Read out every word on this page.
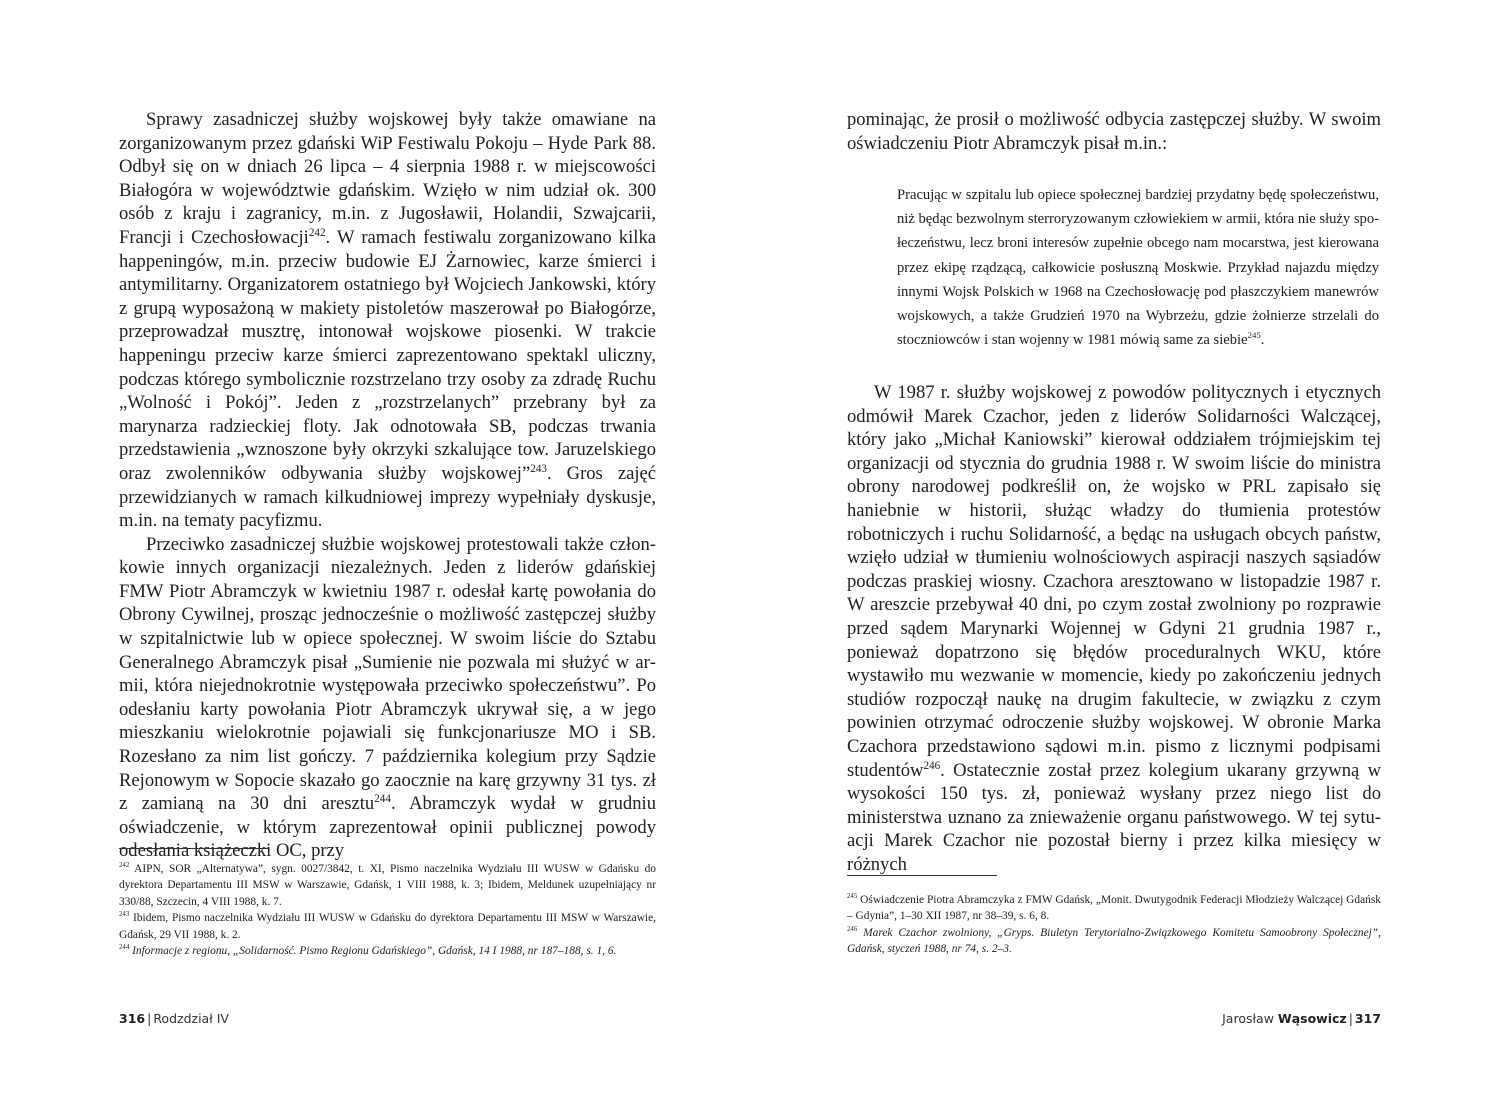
Sprawy zasadniczej służby wojskowej były także omawiane na zorganizowanym przez gdański WiP Festiwalu Pokoju – Hyde Park 88. Odbył się on w dniach 26 lipca – 4 sierpnia 1988 r. w miejscowości Białogóra w województwie gdańskim. Wzięło w nim udział ok. 300 osób z kraju i zagranicy, m.in. z Jugosławii, Holandii, Szwajcarii, Francji i Czechosłowacji$^{242}$. W ramach festiwalu zorganizowano kilka happeningów, m.in. przeciw budowie EJ Żarnowiec, karze śmierci i antymilitarny. Organizatorem ostatniego był Wojciech Jankowski, który z grupą wyposażoną w makiety pistoletów maszerował po Białogórze, przeprowadzał musztrę, intonował wojskowe piosenki. W trakcie happeningu przeciw karze śmierci zaprezentowano spektakl uliczny, podczas którego symbolicznie rozstrzelano trzy osoby za zdradę Ruchu „Wolność i Pokój”. Jeden z „rozstrzelanych” przebrany był za marynarza radzieckiej floty. Jak odnotowała SB, podczas trwania przedstawienia „wznoszone były okrzyki szkalujące tow. Jaruzelskiego oraz zwolenników odbywania służby wojskowej”$^{243}$. Gros zajęć przewidzianych w ramach kilkudniowej imprezy wypełniały dyskusje, m.in. na tematy pacyfizmu.

Przeciwko zasadniczej służbie wojskowej protestowali także członkowie innych organizacji niezależnych. Jeden z liderów gdańskiej FMW Piotr Abramczyk w kwietniu 1987 r. odesłał kartę powołania do Obrony Cywilnej, prosząc jednocześnie o możliwość zastępczej służby w szpitalnictwie lub w opiece społecznej. W swoim liście do Sztabu Generalnego Abramczyk pisał „Sumienie nie pozwala mi służyć w armii, która niejednokrotnie występowała przeciwko społeczeństwu”. Po odesłaniu karty powołania Piotr Abramczyk ukrywał się, a w jego mieszkaniu wielokrotnie pojawiali się funkcjonariusze MO i SB. Rozesłano za nim list gończy. 7 października kolegium przy Sądzie Rejonowym w Sopocie skazało go zaocznie na karę grzywny 31 tys. zł z zamianą na 30 dni aresztu$^{244}$. Abramczyk wydał w grudniu oświadczenie, w którym zaprezentował opinii publicznej powody odesłania książeczki OC, przy

$^{242}$ AIPN, SOR „Alternatywa”, sygn. 0027/3842, t. XI, Pismo naczelnika Wydziału III WUSW w Gdańsku do dyrektora Departamentu III MSW w Warszawie, Gdańsk, 1 VIII 1988, k. 3; Ibidem, Meldunek uzupełniający nr 330/88, Szczecin, 4 VIII 1988, k. 7.

$^{243}$ Ibidem, Pismo naczelnika Wydziału III WUSW w Gdańsku do dyrektora Departamentu III MSW w Warszawie, Gdańsk, 29 VII 1988, k. 2.

$^{244}$ Informacje z regionu, „Solidarność. Pismo Regionu Gdańskiego”, Gdańsk, 14 I 1988, nr 187–188, s. 1, 6.

316 | Rodzdział IV

pominając, że prosił o możliwość odbycia zastępczej służby. W swoim oświadczeniu Piotr Abramczyk pisał m.in.:

Pracując w szpitalu lub opiece społecznej bardziej przydatny będę społeczeństwu, niż będąc bezwolnym sterroryzowanym człowiekiem w armii, która nie służy społeczeństwu, lecz broni interesów zupełnie obcego nam mocarstwa, jest kierowana przez ekipę rządzącą, całkowicie posłuszną Moskwie. Przykład najazdu między innymi Wojsk Polskich w 1968 na Czechosłowację pod płaszczykiem manewrów wojskowych, a także Grudzień 1970 na Wybrzeżu, gdzie żołnierze strzelali do stoczniowców i stan wojenny w 1981 mówią same za siebie$^{245}$.

W 1987 r. służby wojskowej z powodów politycznych i etycznych odmówił Marek Czachor, jeden z liderów Solidarności Walczącej, który jako „Michał Kaniowski” kierował oddziałem trójmiejskim tej organizacji od stycznia do grudnia 1988 r. W swoim liście do ministra obrony narodowej podkreślił on, że wojsko w PRL zapisało się haniebnie w historii, służąc władzy do tłumienia protestów robotniczych i ruchu Solidarność, a będąc na usługach obcych państw, wzięło udział w tłumieniu wolnościowych aspiracji naszych sąsiadów podczas praskiej wiosny. Czachora aresztowano w listopadzie 1987 r. W areszcie przebywał 40 dni, po czym został zwolniony po rozprawie przed sądem Marynarki Wojennej w Gdyni 21 grudnia 1987 r., ponieważ dopatrzono się błędów proceduralnych WKU, które wystawiło mu wezwanie w momencie, kiedy po zakończeniu jednych studiów rozpoczął naukę na drugim fakultecie, w związku z czym powinien otrzymać odroczenie służby wojskowej. W obronie Marka Czachora przedstawiono sądowi m.in. pismo z licznymi podpisami studentów$^{246}$. Ostatecznie został przez kolegium ukarany grzywną w wysokości 150 tys. zł, ponieważ wysłany przez niego list do ministerstwa uznano za znieważenie organu państwowego. W tej sytuacji Marek Czachor nie pozostał bierny i przez kilka miesięcy w różnych

$^{245}$ Oświadczenie Piotra Abramczyka z FMW Gdańsk, „Monit. Dwutygodnik Federacji Młodzieży Walczącej Gdańsk – Gdynia”, 1–30 XII 1987, nr 38–39, s. 6, 8.

$^{246}$ Marek Czachor zwolniony, „Gryps. Biuletyn Terytorialno-Związkowego Komitetu Samoobrony Społecznej”, Gdańsk, styczeń 1988, nr 74, s. 2–3.

Jarosław Wąsowicz | 317
